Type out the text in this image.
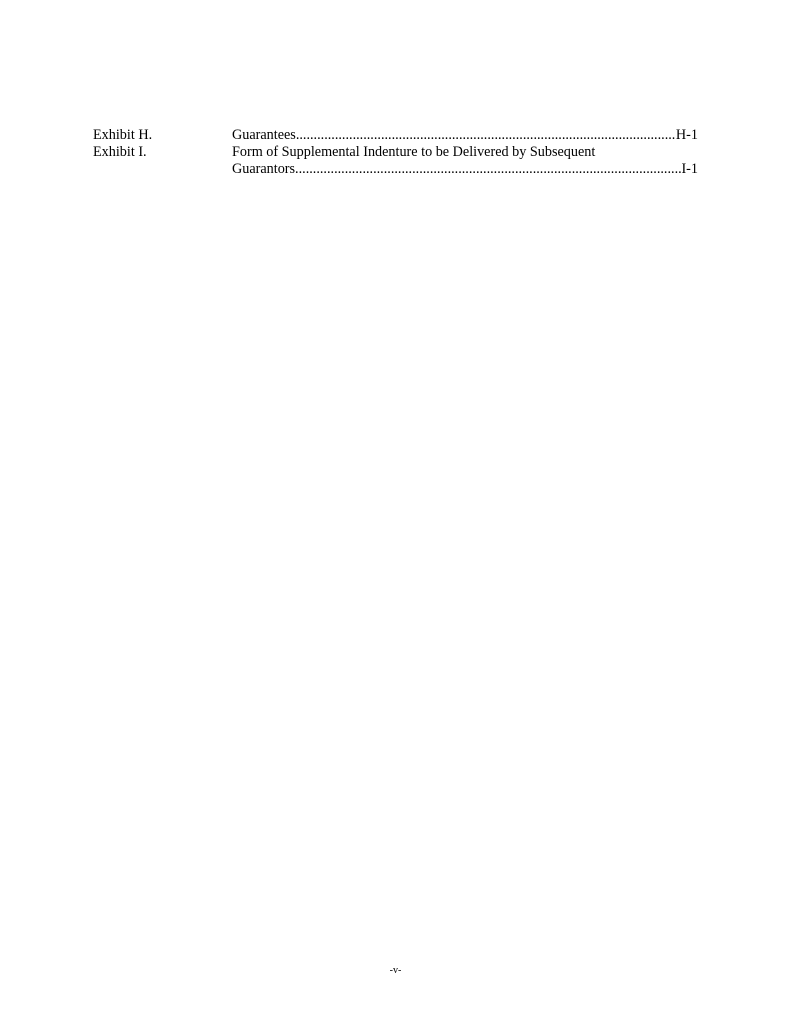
Exhibit H.	Guarantees .....	H-1
Exhibit I.	Form of Supplemental Indenture to be Delivered by Subsequent
Guarantors .....	I-1
-v-
